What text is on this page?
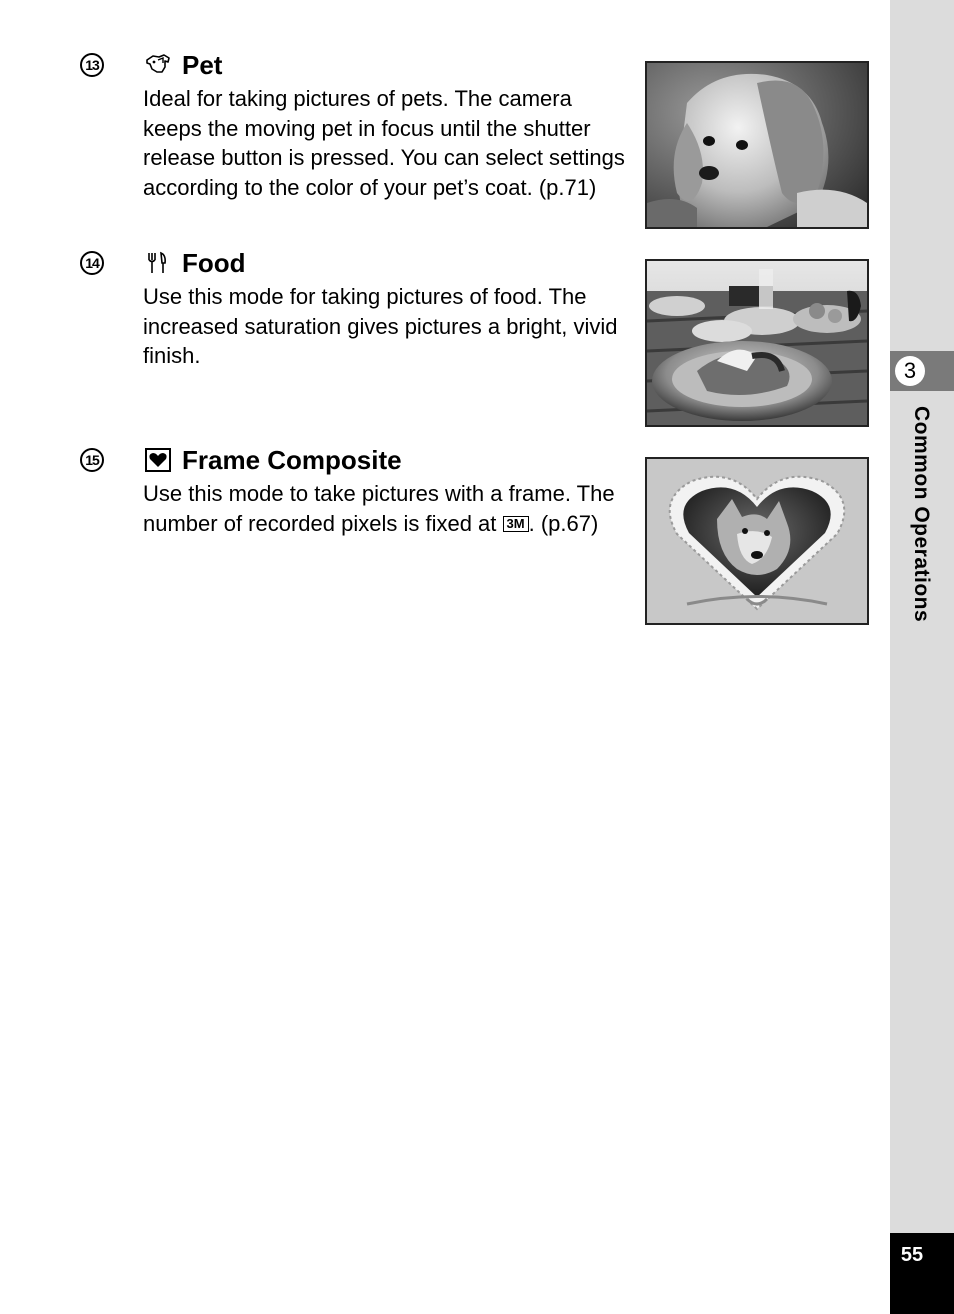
3
Common Operations
55
13	Pet
Ideal for taking pictures of pets. The camera keeps the moving pet in focus until the shutter release button is pressed. You can select settings according to the color of your pet’s coat. (p.71)
14	Food
Use this mode for taking pictures of food. The increased saturation gives pictures a bright, vivid finish.
15	Frame Composite
Use this mode to take pictures with a frame. The number of recorded pixels is fixed at 3M . (p.67)
